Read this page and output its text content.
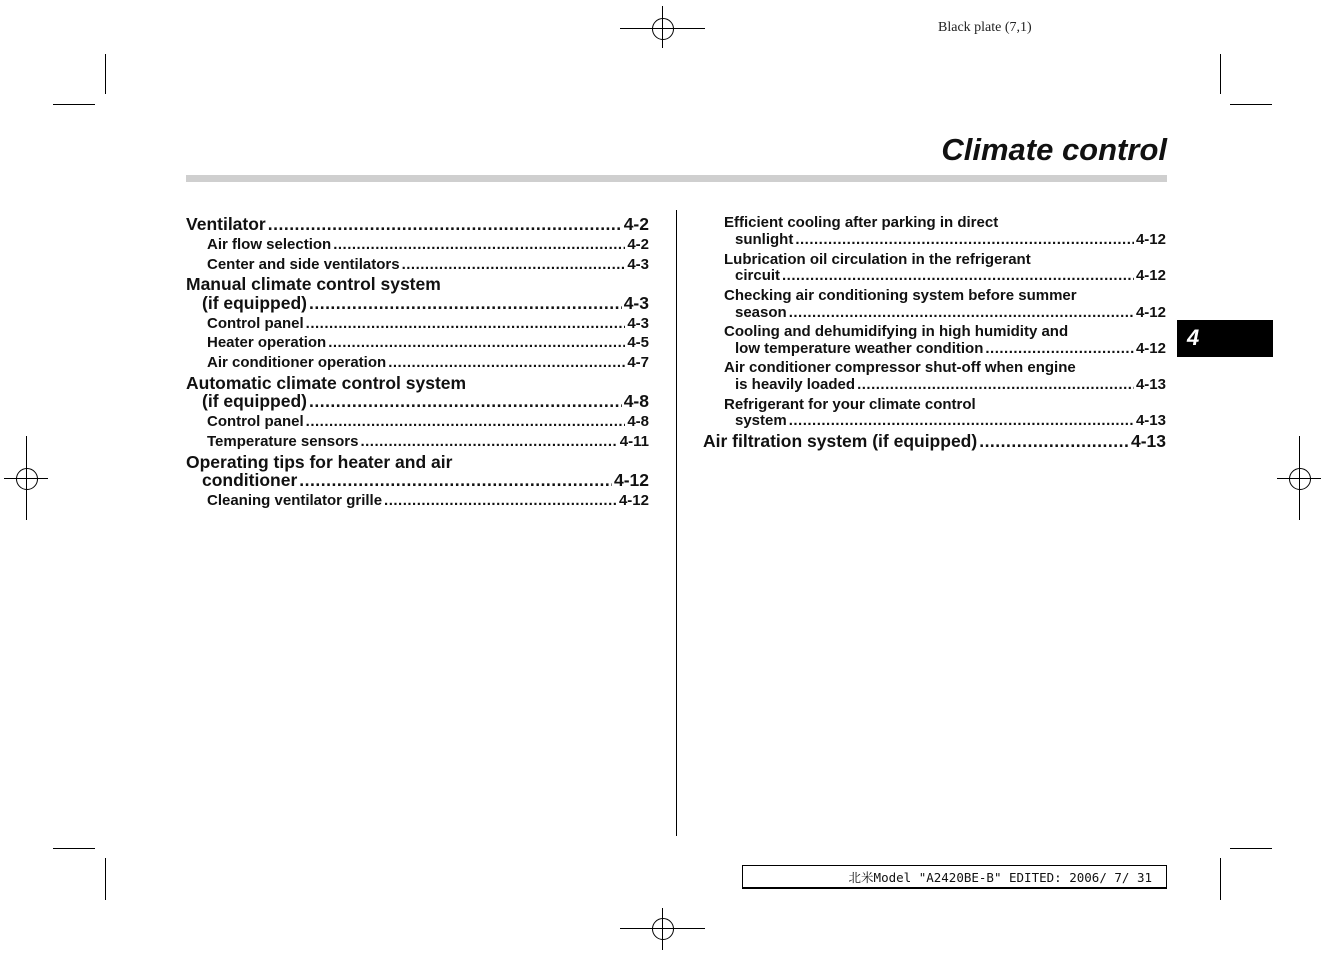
Black plate (7,1)
Climate control
Ventilator .....	4-2
Air flow selection .....	4-2
Center and side ventilators .....	4-3
Manual climate control system
(if equipped) .....	4-3
Control panel .....	4-3
Heater operation .....	4-5
Air conditioner operation .....	4-7
Automatic climate control system
(if equipped) .....	4-8
Control panel .....	4-8
Temperature sensors .....	4-11
Operating tips for heater and air
conditioner .....	4-12
Cleaning ventilator grille .....	4-12
Efficient cooling after parking in direct
sunlight .....	4-12
Lubrication oil circulation in the refrigerant
circuit .....	4-12
Checking air conditioning system before summer
season .....	4-12
Cooling and dehumidifying in high humidity and
low temperature weather condition .....	4-12
Air conditioner compressor shut-off when engine
is heavily loaded .....	4-13
Refrigerant for your climate control
system .....	4-13
Air filtration system (if equipped) .....	4-13
4
北米Model "A2420BE-B" EDITED: 2006/ 7/ 31
